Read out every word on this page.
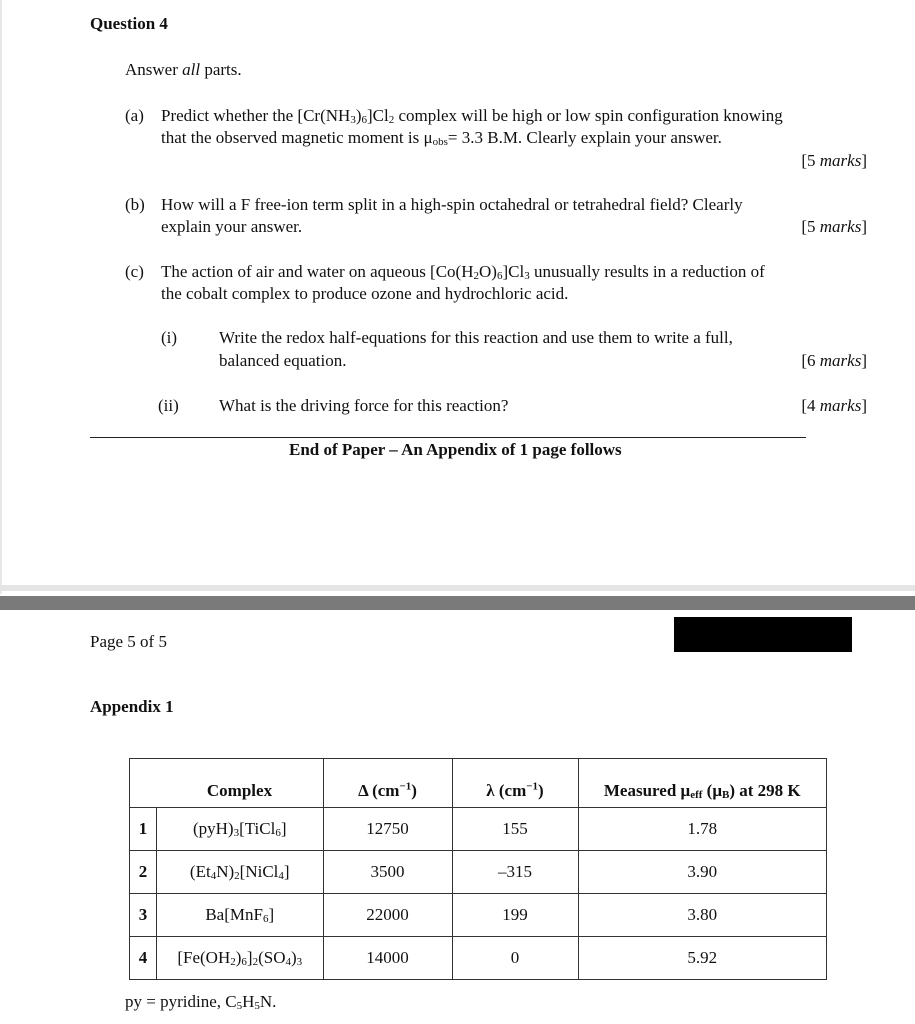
Question 4
Answer all parts.
(a) Predict whether the $[Cr(NH_3)_6]Cl_2$ complex will be high or low spin configuration knowing
that the observed magnetic moment is $\mu_{obs}= 3.3$ B.M. Clearly explain your answer.
[5 marks]
(b) How will a F free-ion term split in a high-spin octahedral or tetrahedral field? Clearly
explain your answer.	[5 marks]
(c) The action of air and water on aqueous $[Co(H_2O)_6]Cl_3$ unusually results in a reduction of
the cobalt complex to produce ozone and hydrochloric acid.
(i) Write the redox half-equations for this reaction and use them to write a full,
balanced equation.	[6 marks]
(ii) What is the driving force for this reaction?	[4 marks]
End of Paper – An Appendix of 1 page follows
Page 5 of 5
Appendix 1
	Complex	Δ $(cm^{-1})$	λ $(cm^{-1})$	Measured $\mu_{eff}$ $(\mu_B)$ at 298 K
1	$(pyH)_3[TiCl_6]$	12750	155	1.78
2	$(Et_4N)_2[NiCl_4]$	3500	–315	3.90
3	Ba[MnF$_6$]	22000	199	3.80
4	$[Fe(OH_2)_6]_2(SO_4)_3$	14000	0	5.92
py = pyridine, $C_5H_5N$.
